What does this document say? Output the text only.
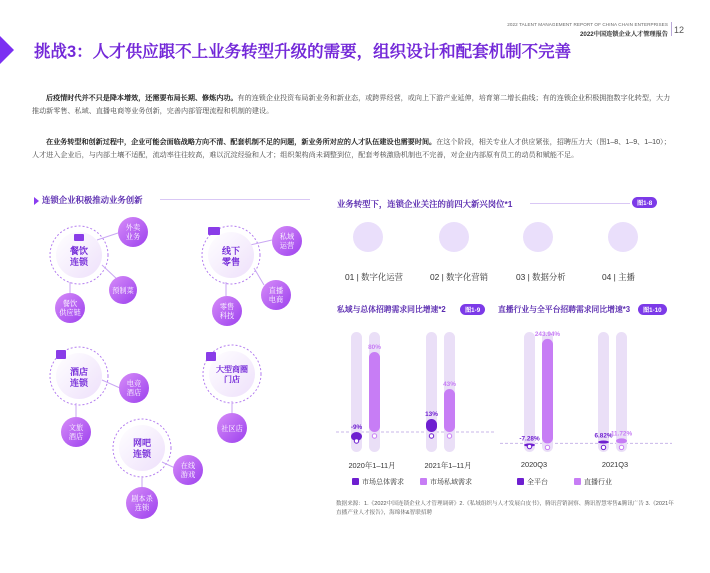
2022 TALENT MANAGEMENT REPORT OF CHINA CHAIN ENTERPRISES
2022中国连锁企业人才管理报告 12
挑战3：人才供应跟不上业务转型升级的需要，组织设计和配套机制不完善
后疫情时代并不只是降本增效，还需要布局长期、修炼内功。有的连锁企业投资布局新业务和新业态，或跨界经营，或向上下游产业延伸，培育第二增长曲线；有的连锁企业积极拥抱数字化转型，大力推动新零售、私域、直播电商等业务创新，完善内部管理流程和机制的建设。
在业务转型和创新过程中，企业可能会面临战略方向不清、配套机制不足的问题，新业务所对应的人才队伍建设也需要时间。在这个阶段，相关专业人才供应紧张，招聘压力大（图1–8、1–9、1–10）；人才进入企业后，与内部土壤不适配，流动率往往较高，难以沉淀经验和人才；组织架构尚未调整到位，配套考核激励机制也不完善，对企业内部原有员工的动员和赋能不足。
连锁企业积极推动业务创新
餐饮
连锁
外卖
业务
预制菜
餐饮
供应链
线下
零售
私域
运营
直播
电商
零售
科技
酒店
连锁	电竞
酒店
文旅
酒店
大型商圈
门店
社区店
网吧
连锁
在线
游戏
剧本杀
连锁
业务转型下，连锁企业关注的前四大新兴岗位*1	图1-8
01 | 数字化运营	02 | 数字化营销	03 | 数据分析	04 | 主播
私域与总体招聘需求同比增速*2	图1-9	直播行业与全平台招聘需求同比增速*3	图1-10
-9%
80%
13%
43%
-7.28%
243.94%
6.82%
11.72%
2020年1–11月	2021年1–11月	2020Q3	2021Q3
市场总体需求	市场私域需求	全平台	直播行业
数据来源：1.《2022中国连锁企业人才管理调研》2.《私域组织与人才发展白皮书》，腾讯营销洞察、腾讯智慧零售&腾讯广告 3.《2021年直播产业人才报告》，海绵体&智联招聘
